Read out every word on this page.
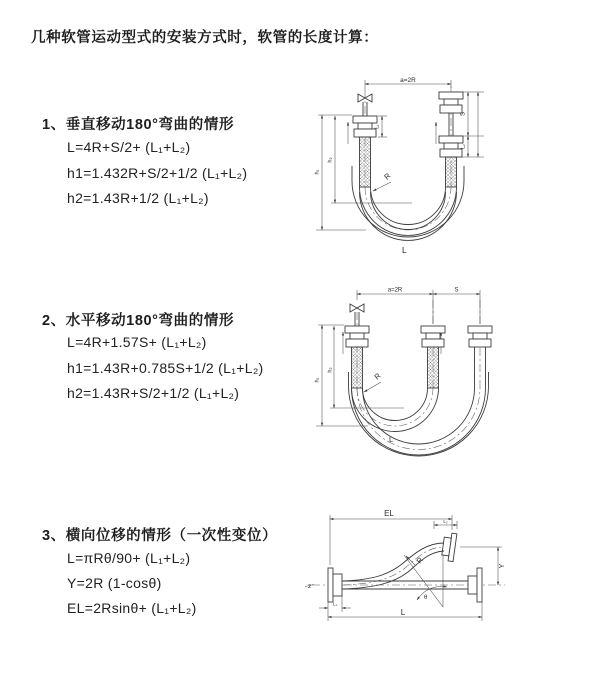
几种软管运动型式的安装方式时，软管的长度计算：
1、垂直移动180°弯曲的情形
L=4R+S/2+ (L₁+L₂)
h1=1.432R+S/2+1/2 (L₁+L₂)
h2=1.43R+1/2 (L₁+L₂)
2、水平移动180°弯曲的情形
L=4R+1.57S+ (L₁+L₂)
h1=1.43R+0.785S+1/2 (L₁+L₂)
h2=1.43R+S/2+1/2 (L₁+L₂)
3、横向位移的情形（一次性变位）
L=πRθ/90+ (L₁+L₂)
Y=2R (1-cosθ)
EL=2Rsinθ+ (L₁+L₂)
a=2R
S
L₂
L₁
h₁
h₂
R
L
a=2R	S
h₁
h₂
R
L
EL
L₂
Y
L
L₁
R
θ
z
